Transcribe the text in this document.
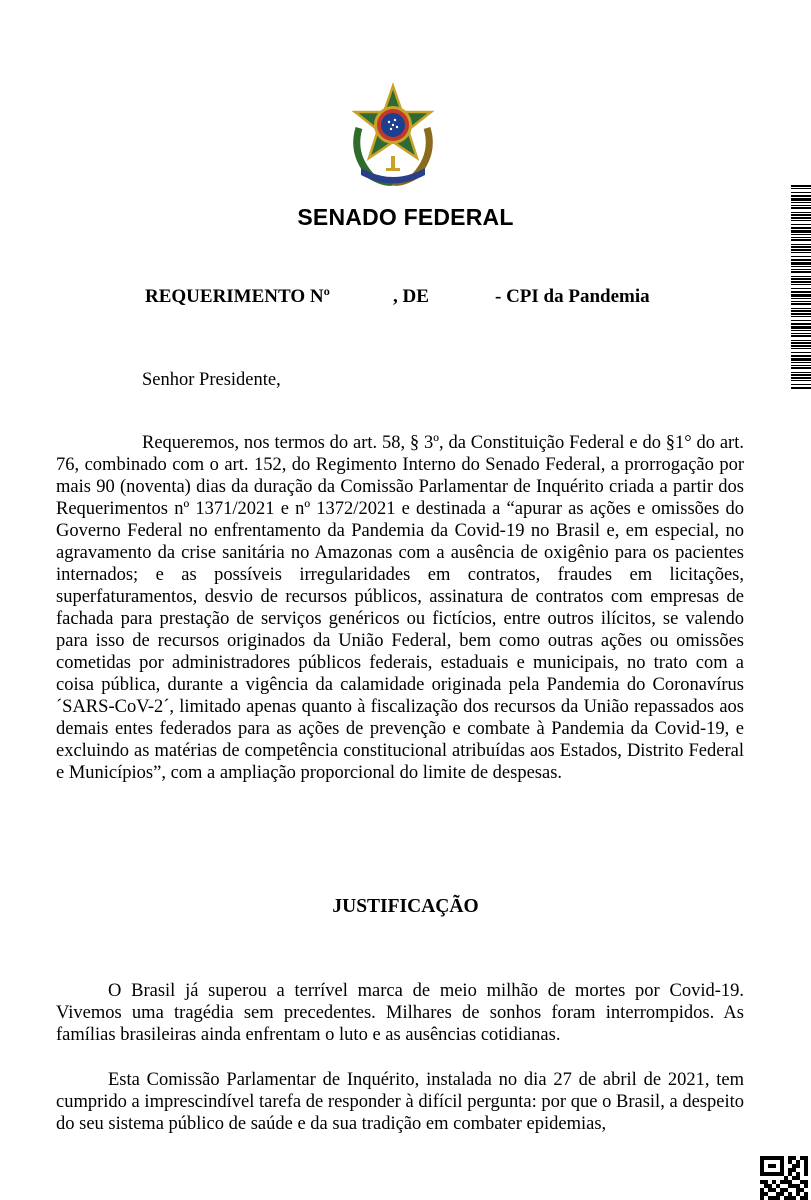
SENADO FEDERAL

REQUERIMENTO Nº

	, DE

	- CPI da Pandemia

Senhor Presidente,

Requeremos, nos termos do art. 58, § 3º, da Constituição Federal e do §1° do art. 76, combinado com o art. 152, do Regimento Interno do Senado Federal, a prorrogação por mais 90 (noventa) dias da duração da Comissão Parlamentar de Inquérito criada a partir dos Requerimentos nº 1371/2021 e nº 1372/2021 e destinada a “apurar as ações e omissões do Governo Federal no enfrentamento da Pandemia da Covid-19 no Brasil e, em especial, no agravamento da crise sanitária no Amazonas com a ausência de oxigênio para os pacientes internados; e as possíveis irregularidades em contratos, fraudes em licitações, superfaturamentos, desvio de recursos públicos, assinatura de contratos com empresas de fachada para prestação de serviços genéricos ou fictícios, entre outros ilícitos, se valendo para isso de recursos originados da União Federal, bem como outras ações ou omissões cometidas por administradores públicos federais, estaduais e municipais, no trato com a coisa pública, durante a vigência da calamidade originada pela Pandemia do Coronavírus ´SARS-CoV-2´, limitado apenas quanto à fiscalização dos recursos da União repassados aos demais entes federados para as ações de prevenção e combate à Pandemia da Covid-19, e excluindo as matérias de competência constitucional atribuídas aos Estados, Distrito Federal e Municípios”, com a ampliação proporcional do limite de despesas.

JUSTIFICAÇÃO

O Brasil já superou a terrível marca de meio milhão de mortes por Covid-19. Vivemos uma tragédia sem precedentes. Milhares de sonhos foram interrompidos. As famílias brasileiras ainda enfrentam o luto e as ausências cotidianas.

Esta Comissão Parlamentar de Inquérito, instalada no dia 27 de abril de 2021, tem cumprido a imprescindível tarefa de responder à difícil pergunta: por que o Brasil, a despeito do seu sistema público de saúde e da sua tradição em combater epidemias,
